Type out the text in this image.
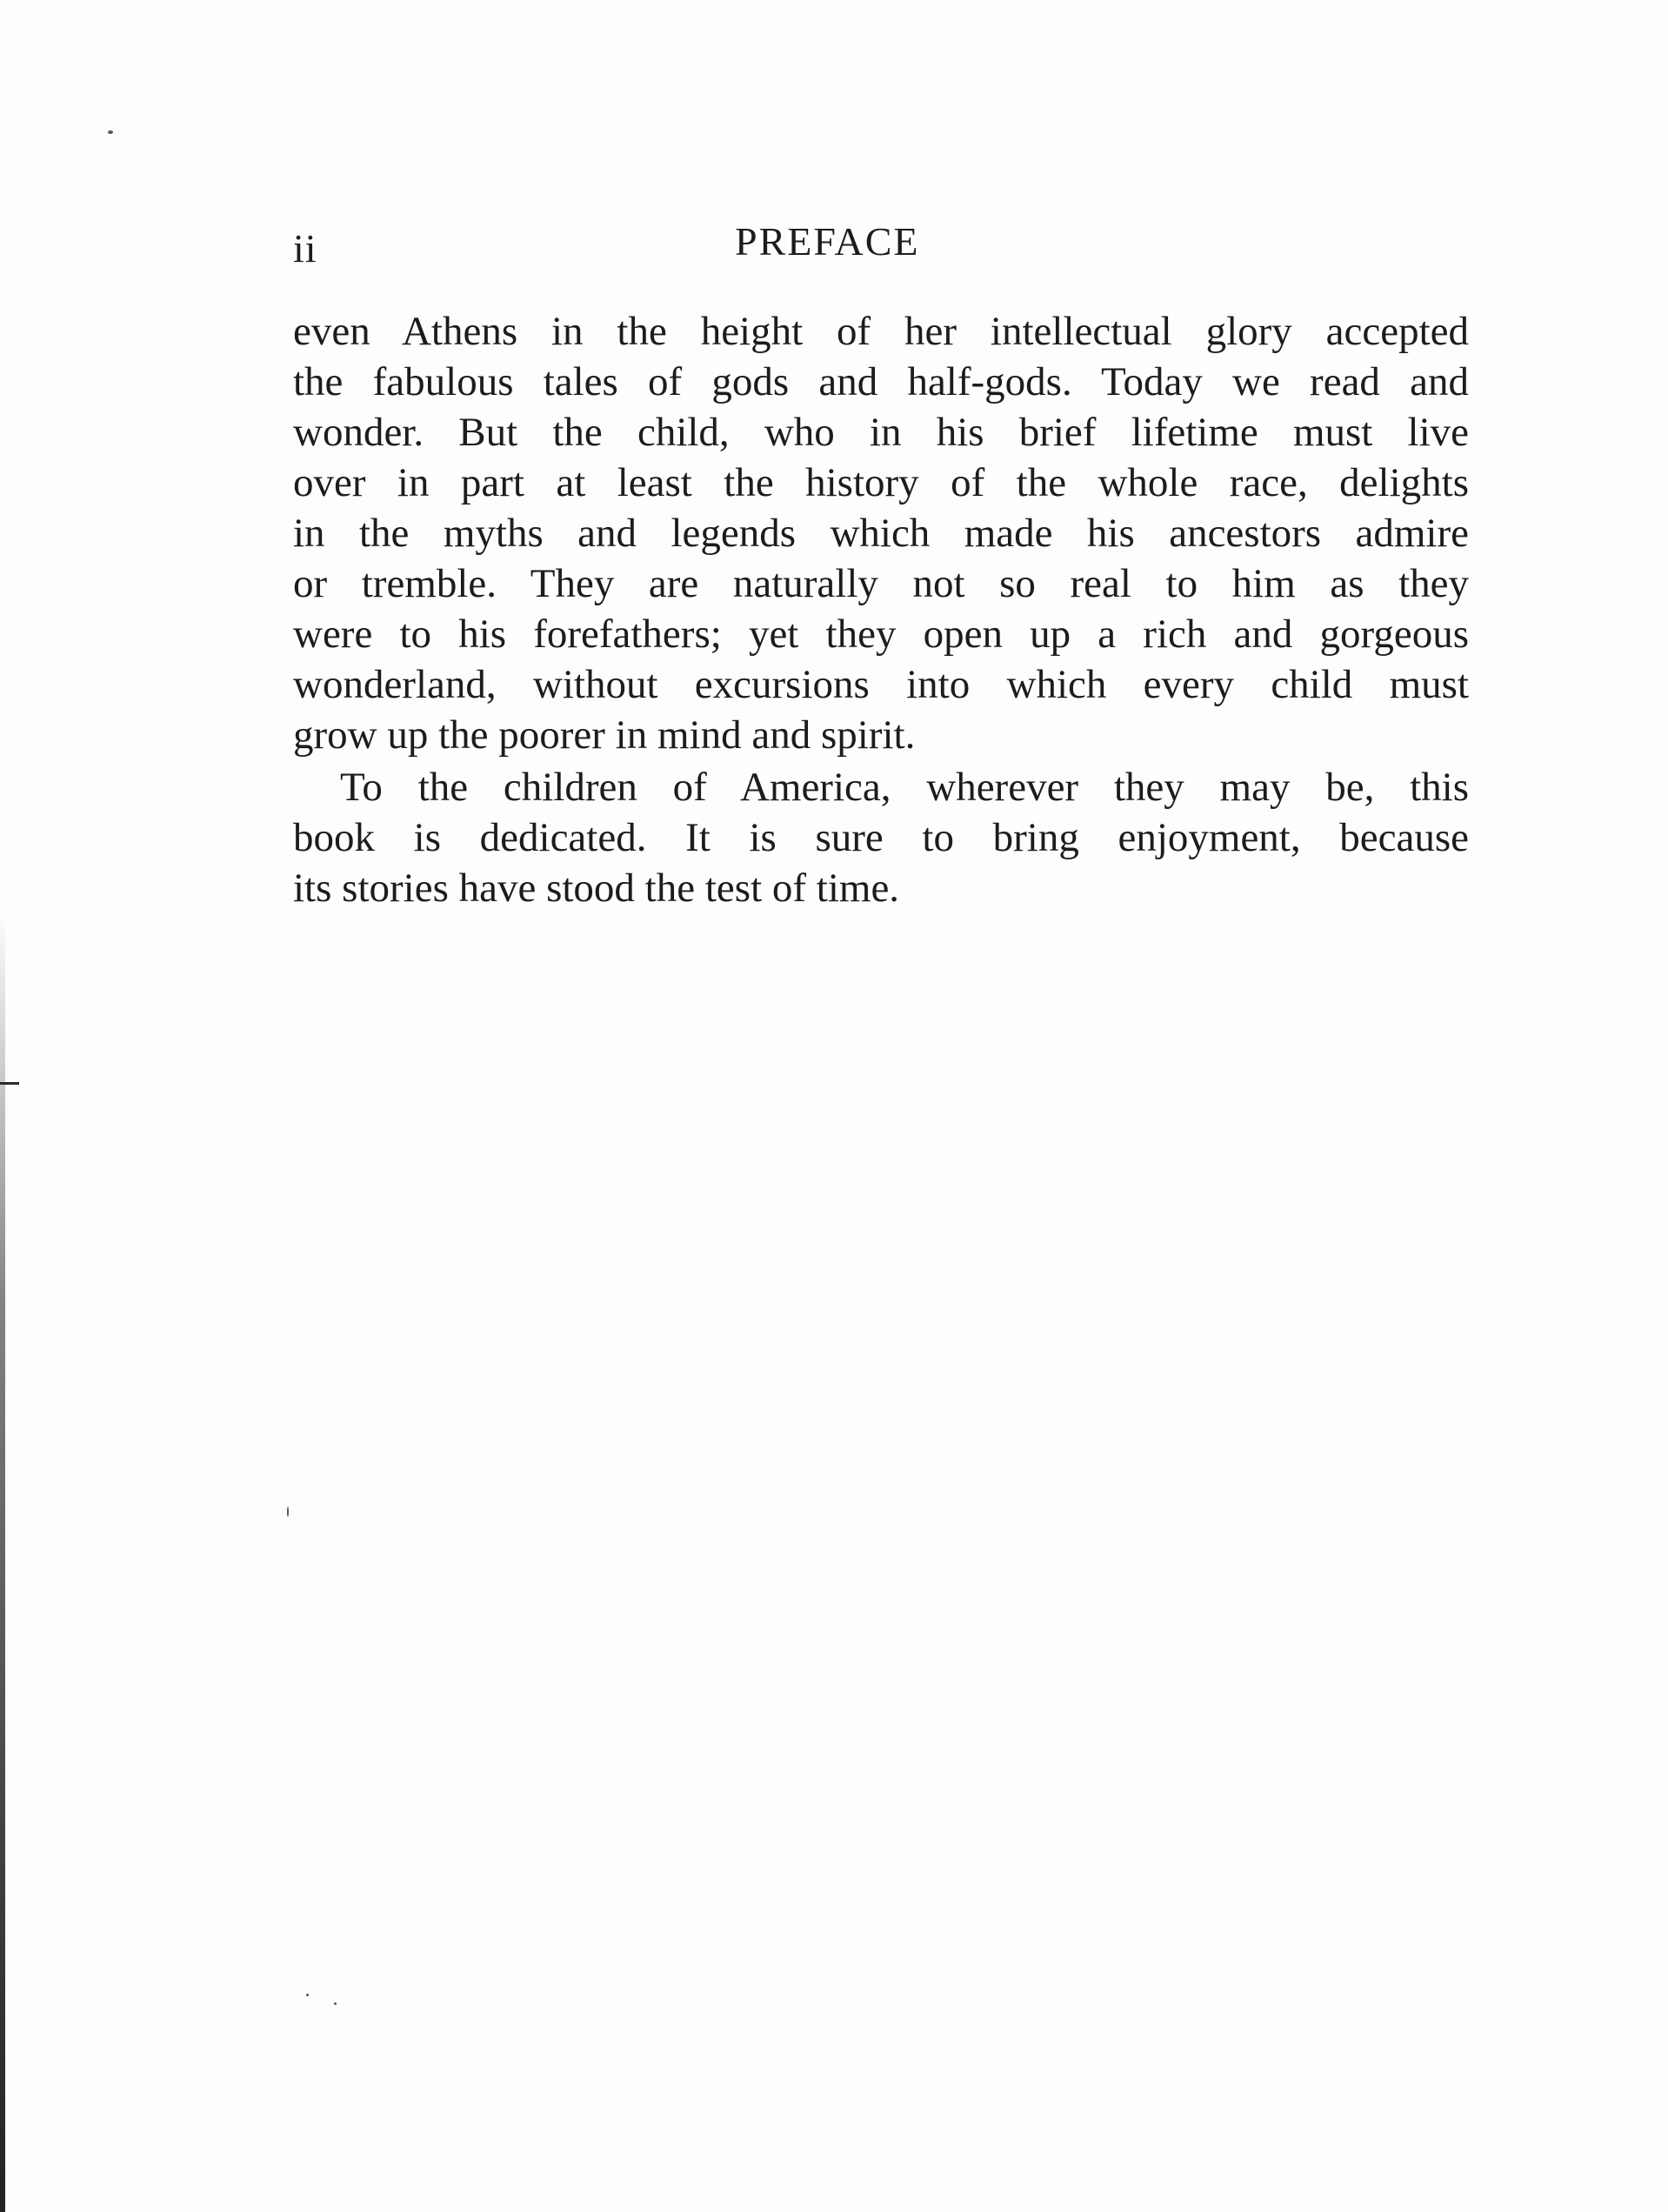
ii	PREFACE
even Athens in the height of her intellectual glory accepted
the fabulous tales of gods and half-gods. Today we read and
wonder. But the child, who in his brief lifetime must live
over in part at least the history of the whole race, delights
in the myths and legends which made his ancestors admire
or tremble. They are naturally not so real to him as they
were to his forefathers; yet they open up a rich and gorgeous
wonderland, without excursions into which every child must
grow up the poorer in mind and spirit.
To the children of America, wherever they may be, this
book is dedicated. It is sure to bring enjoyment, because
its stories have stood the test of time.
